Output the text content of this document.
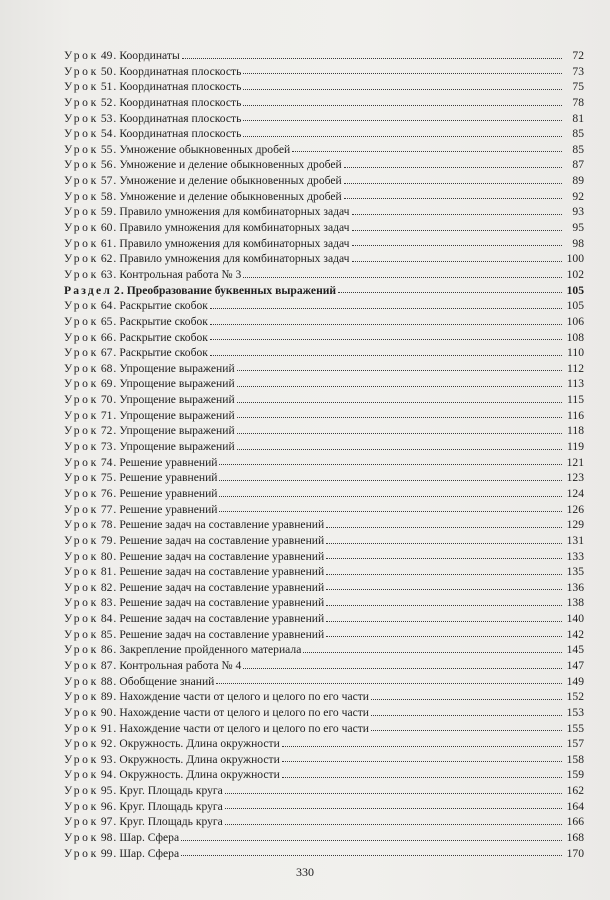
Урок 49 . Координаты	72
Урок 50 . Координатная плоскость	73
Урок 51 . Координатная плоскость	75
Урок 52 . Координатная плоскость	78
Урок 53 . Координатная плоскость	81
Урок 54 . Координатная плоскость	85
Урок 55 . Умножение обыкновенных дробей	85
Урок 56 . Умножение и деление обыкновенных дробей	87
Урок 57 . Умножение и деление обыкновенных дробей	89
Урок 58 . Умножение и деление обыкновенных дробей	92
Урок 59 . Правило умножения для комбинаторных задач	93
Урок 60 . Правило умножения для комбинаторных задач	95
Урок 61 . Правило умножения для комбинаторных задач	98
Урок 62 . Правило умножения для комбинаторных задач	100
Урок 63 . Контрольная работа № 3	102
Раздел 2 . Преобразование буквенных выражений	105
Урок 64 . Раскрытие скобок	105
Урок 65 . Раскрытие скобок	106
Урок 66 . Раскрытие скобок	108
Урок 67 . Раскрытие скобок	110
Урок 68 . Упрощение выражений	112
Урок 69 . Упрощение выражений	113
Урок 70 . Упрощение выражений	115
Урок 71 . Упрощение выражений	116
Урок 72 . Упрощение выражений	118
Урок 73 . Упрощение выражений	119
Урок 74 . Решение уравнений	121
Урок 75 . Решение уравнений	123
Урок 76 . Решение уравнений	124
Урок 77 . Решение уравнений	126
Урок 78 . Решение задач на составление уравнений	129
Урок 79 . Решение задач на составление уравнений	131
Урок 80 . Решение задач на составление уравнений	133
Урок 81 . Решение задач на составление уравнений	135
Урок 82 . Решение задач на составление уравнений	136
Урок 83 . Решение задач на составление уравнений	138
Урок 84 . Решение задач на составление уравнений	140
Урок 85 . Решение задач на составление уравнений	142
Урок 86 . Закрепление пройденного материала	145
Урок 87 . Контрольная работа № 4	147
Урок 88 . Обобщение знаний	149
Урок 89 . Нахождение части от целого и целого по его части	152
Урок 90 . Нахождение части от целого и целого по его части	153
Урок 91 . Нахождение части от целого и целого по его части	155
Урок 92 . Окружность. Длина окружности	157
Урок 93 . Окружность. Длина окружности	158
Урок 94 . Окружность. Длина окружности	159
Урок 95 . Круг. Площадь круга	162
Урок 96 . Круг. Площадь круга	164
Урок 97 . Круг. Площадь круга	166
Урок 98 . Шар. Сфера	168
Урок 99 . Шар. Сфера	170
330
